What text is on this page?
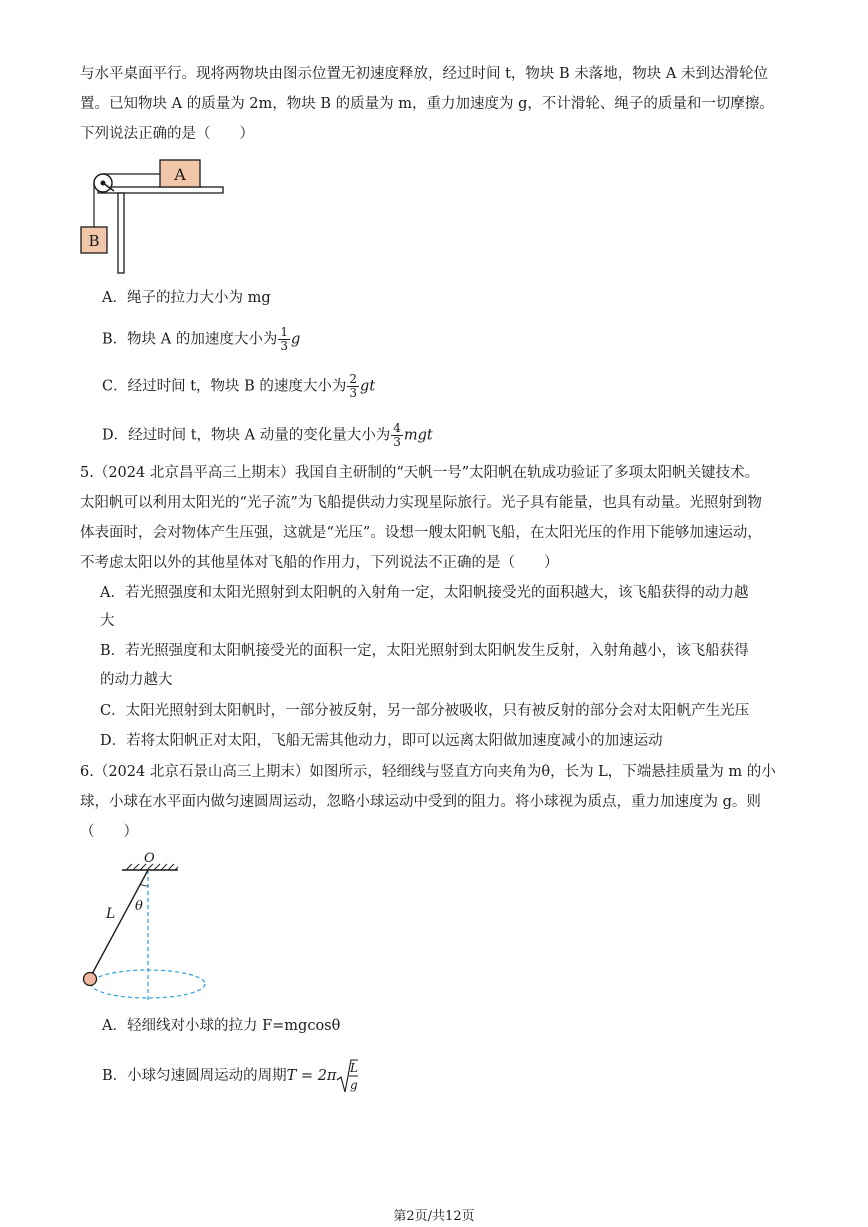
与水平桌面平行。现将两物块由图示位置无初速度释放，经过时间 t，物块 B 未落地，物块 A 未到达滑轮位
置。已知物块 A 的质量为 2m，物块 B 的质量为 m，重力加速度为 g，不计滑轮、绳子的质量和一切摩擦。
下列说法正确的是（　　）
A
B
A．绳子的拉力大小为 mg
B．物块 A 的加速度大小为 $\frac{1}{3}$ g
C．经过时间 t，物块 B 的速度大小为 $\frac{2}{3}$ gt
D．经过时间 t，物块 A 动量的变化量大小为 $\frac{4}{3}$ mgt
5.（2024 北京昌平高三上期末）我国自主研制的“天帆一号”太阳帆在轨成功验证了多项太阳帆关键技术。
太阳帆可以利用太阳光的“光子流”为飞船提供动力实现星际旅行。光子具有能量，也具有动量。光照射到物
体表面时，会对物体产生压强，这就是“光压”。设想一艘太阳帆飞船，在太阳光压的作用下能够加速运动，
不考虑太阳以外的其他星体对飞船的作用力，下列说法不正确的是（　　）
A．若光照强度和太阳光照射到太阳帆的入射角一定，太阳帆接受光的面积越大，该飞船获得的动力越
大
B．若光照强度和太阳帆接受光的面积一定，太阳光照射到太阳帆发生反射，入射角越小，该飞船获得
的动力越大
C．太阳光照射到太阳帆时，一部分被反射，另一部分被吸收，只有被反射的部分会对太阳帆产生光压
D．若将太阳帆正对太阳，飞船无需其他动力，即可以远离太阳做加速度减小的加速运动
6.（2024 北京石景山高三上期末）如图所示，轻细线与竖直方向夹角为θ，长为 L，下端悬挂质量为 m 的小
球，小球在水平面内做匀速圆周运动，忽略小球运动中受到的阻力。将小球视为质点，重力加速度为 g。则
（　　）
O
θ
L
A．轻细线对小球的拉力 F=mgcosθ
B．小球匀速圆周运动的周期T = 2π L
g
第2页/共12页
